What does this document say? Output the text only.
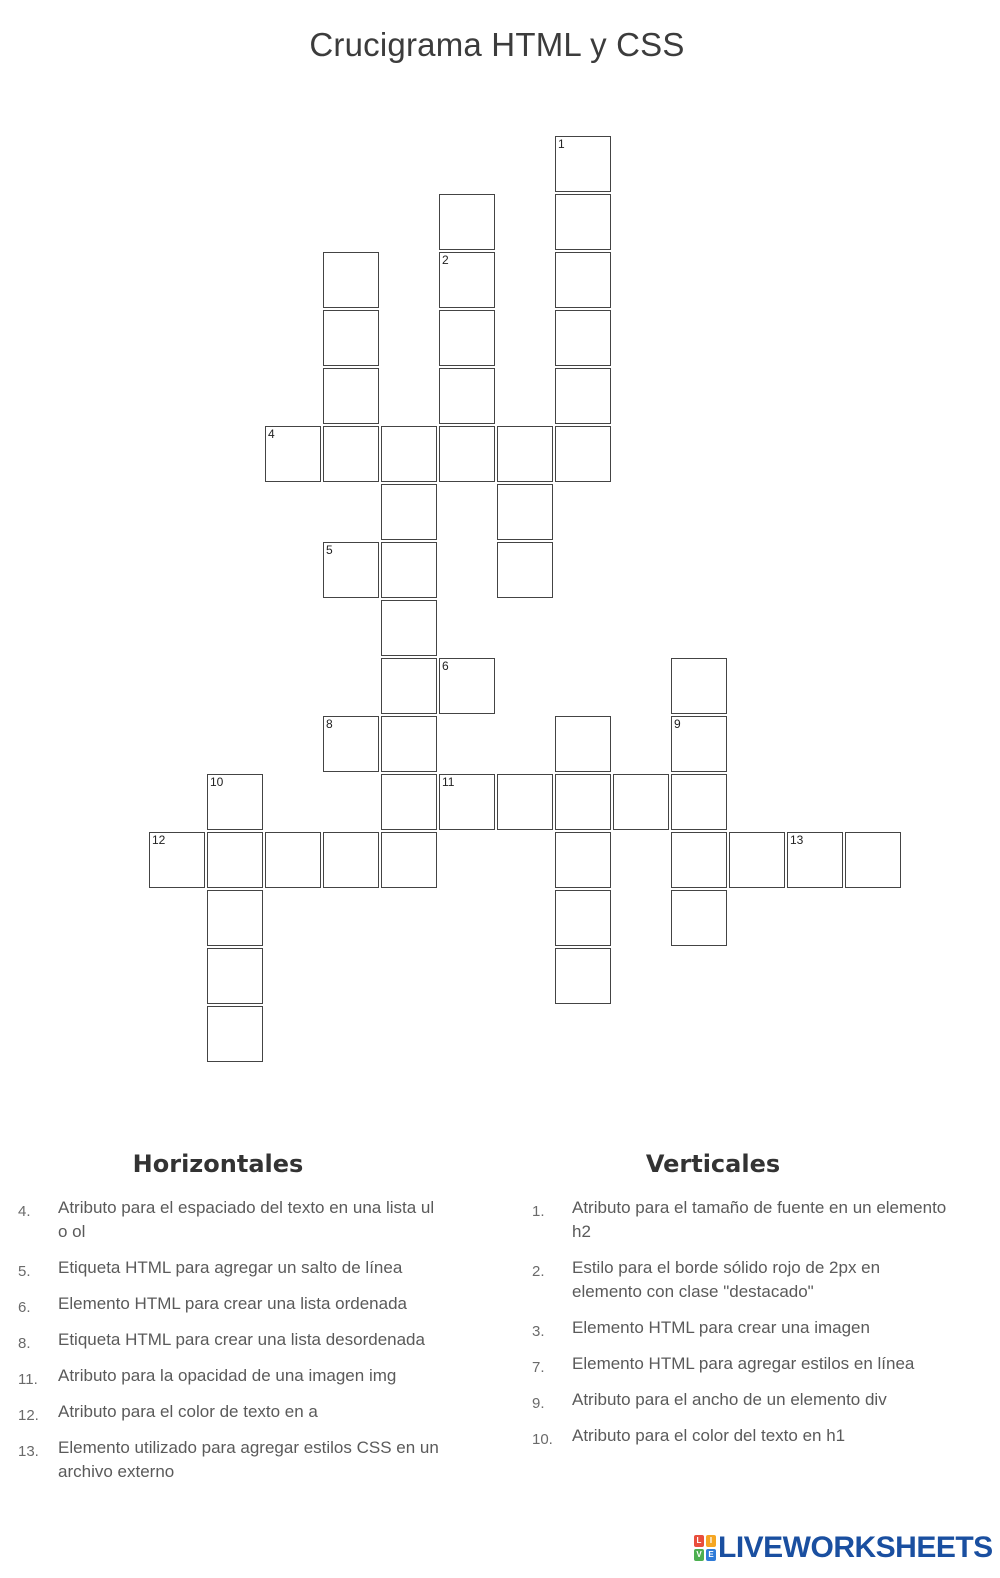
Crucigrama HTML y CSS
1
2
4
5
6
8	9
10	11
12	13
Horizontales
4. Atributo para el espaciado del texto en una lista ul
o ol
5. Etiqueta HTML para agregar un salto de línea
6. Elemento HTML para crear una lista ordenada
8. Etiqueta HTML para crear una lista desordenada
11. Atributo para la opacidad de una imagen img
12. Atributo para el color de texto en a
13. Elemento utilizado para agregar estilos CSS en un
archivo externo
Verticales
1. Atributo para el tamaño de fuente en un elemento
h2
2. Estilo para el borde sólido rojo de 2px en
elemento con clase "destacado"
3. Elemento HTML para crear una imagen
7. Elemento HTML para agregar estilos en línea
9. Atributo para el ancho de un elemento div
10. Atributo para el color del texto en h1
L	I
V E LIVEWORKSHEETS
